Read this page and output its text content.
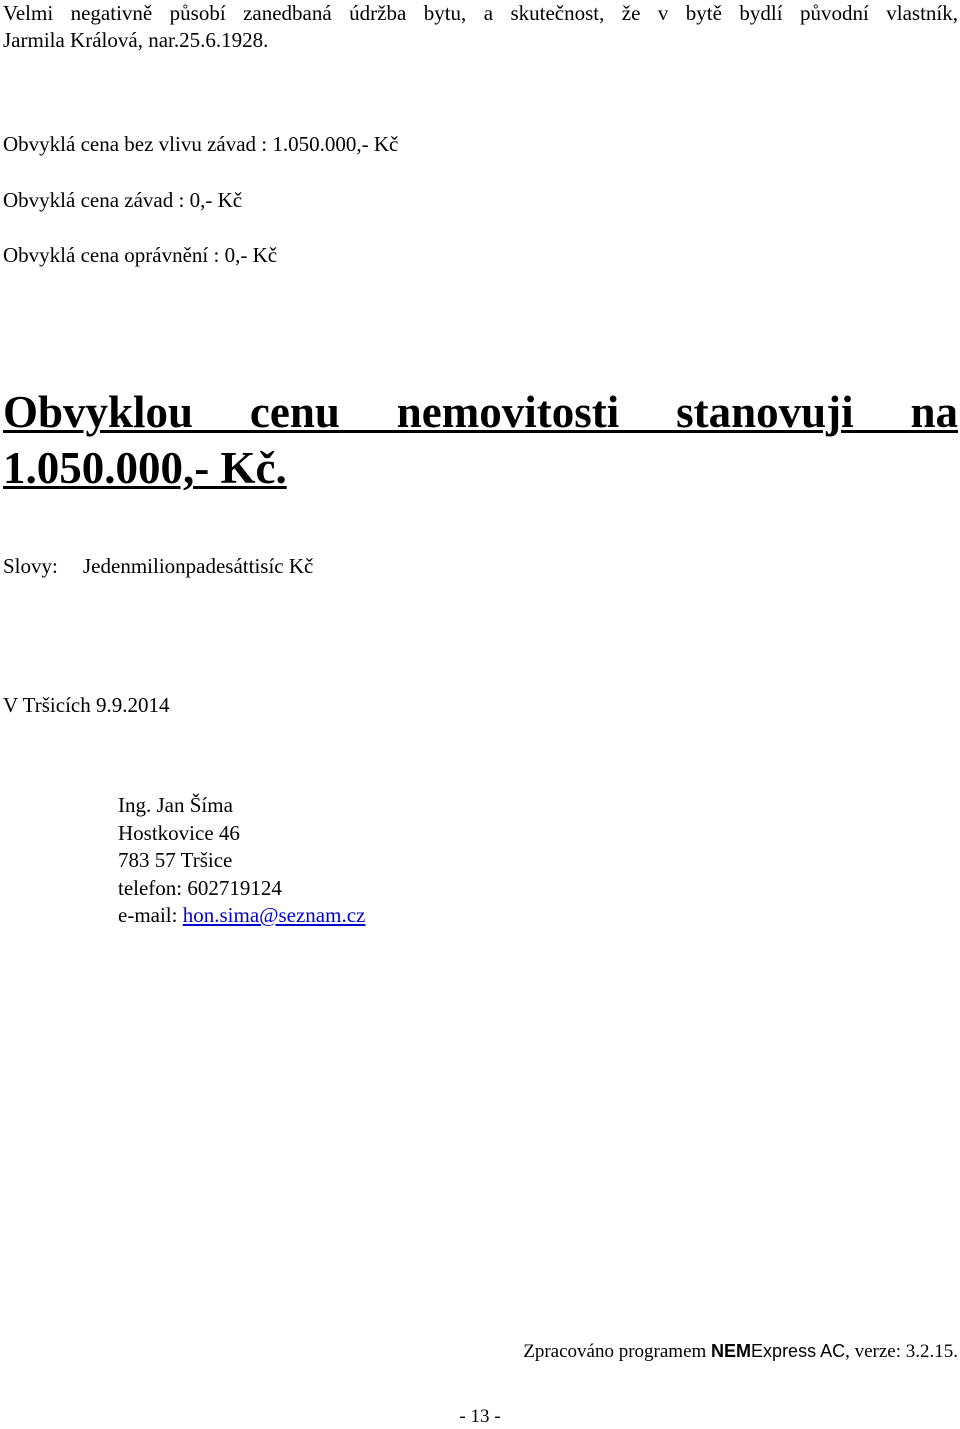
Velmi negativně působí zanedbaná údržba bytu, a skutečnost, že v bytě bydlí původní vlastník,
Jarmila Králová, nar.25.6.1928.
Obvyklá cena bez vlivu závad : 1.050.000,- Kč
Obvyklá cena závad : 0,- Kč
Obvyklá cena oprávnění : 0,- Kč
Obvyklou cenu nemovitosti stanovuji na
1.050.000,- Kč.
Slovy: Jedenmilionpadesáttisíc Kč
V Tršicích 9.9.2014
Ing. Jan Šíma
Hostkovice 46
783 57 Tršice
telefon: 602719124
e-mail: hon.sima@seznam.cz
Zpracováno programem NEMExpress AC, verze: 3.2.15.
- 13 -
